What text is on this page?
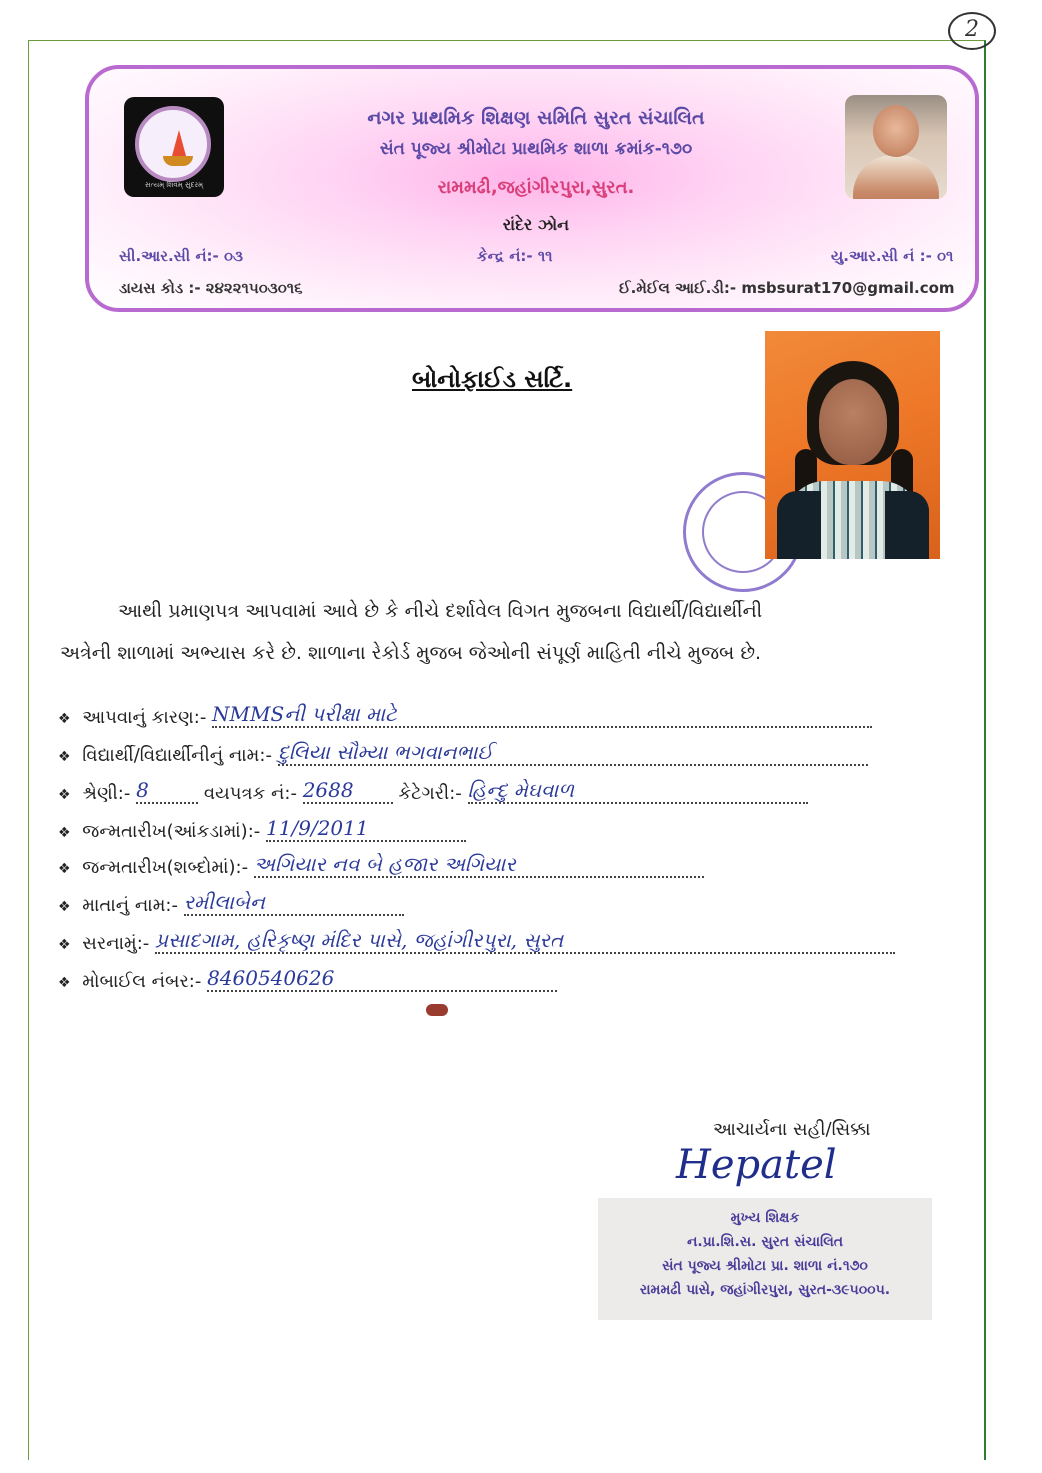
2
સત્યમ્ શિવમ્ સુંદરમ્
નગર પ્રાથમિક શિક્ષણ સમિતિ સુરત સંચાલિત
સંત પૂજ્ય શ્રીમોટા પ્રાથમિક શાળા ક્રમાંક-૧૭૦
રામમઢી,જહાંગીરપુરા,સુરત.
રાંદેર ઝોન
સી.આર.સી નં:- ૦૩	કેન્દ્ર નં:- ૧૧	યુ.આર.સી નં :- ૦૧
ડાયસ કોડ :- ૨૪૨૨૧૫૦૩૦૧૬	ઈ.મેઈલ આઈ.ડી:- msbsurat170@gmail.com
બોનોફાઈડ સર્ટિ.
આથી પ્રમાણપત્ર આપવામાં આવે છે કે નીચે દર્શાવેલ વિગત મુજબના વિદ્યાર્થી/વિદ્યાર્થીની
અત્રેની શાળામાં અભ્યાસ કરે છે. શાળાના રેકોર્ડ મુજબ જેઓની સંપૂર્ણ માહિતી નીચે મુજબ છે.
❖ આપવાનું કારણ:- NMMSની પરીક્ષા માટે
❖ વિદ્યાર્થી/વિદ્યાર્થીનીનું નામ:- દુલિયા સૌમ્યા ભગવાનભાઈ
❖ શ્રેણી:- 8	વયપત્રક નં:- 2688 કેટેગરી:- હિન્દુ મેઘવાળ
❖ જન્મતારીખ(આંકડામાં):- 11/9/2011
❖ જન્મતારીખ(શબ્દોમાં):- અગિયાર નવ બે હજાર અગિયાર
❖ માતાનું નામ:- રમીલાબેન
❖ સરનામું:- પ્રસાદગામ, હરિકૃષ્ણ મંદિર પાસે, જહાંગીરપુરા, સુરત
❖ મોબાઈલ નંબર:- 8460540626
આચાર્યના સહી/સિક્કા
Hepatel
મુખ્ય શિક્ષક
ન.પ્રા.શિ.સ. સુરત સંચાલિત
સંત પૂજ્ય શ્રીમોટા પ્રા. શાળા નં.૧૭૦
રામમઢી પાસે, જહાંગીરપુરા, સુરત-૩૯૫૦૦૫.
